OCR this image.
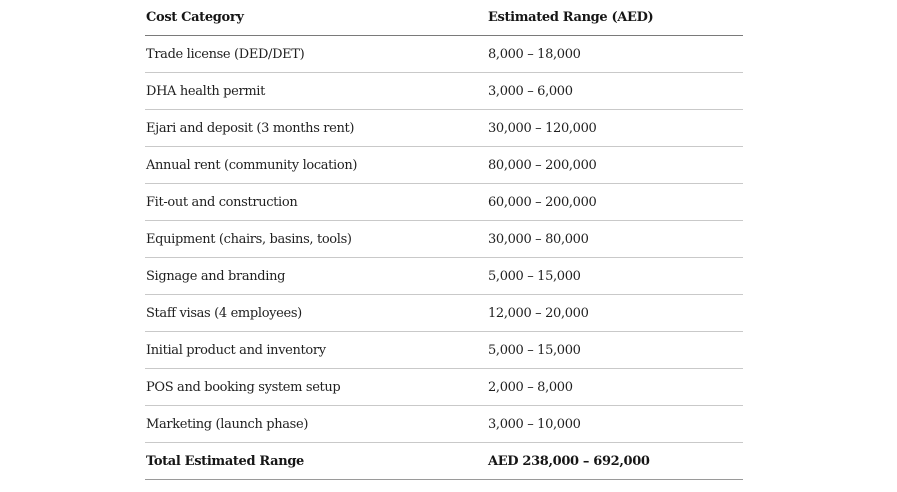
Cost Category	Estimated Range (AED)
Trade license (DED/DET)	8,000 – 18,000
DHA health permit	3,000 – 6,000
Ejari and deposit (3 months rent)	30,000 – 120,000
Annual rent (community location)	80,000 – 200,000
Fit-out and construction	60,000 – 200,000
Equipment (chairs, basins, tools)	30,000 – 80,000
Signage and branding	5,000 – 15,000
Staff visas (4 employees)	12,000 – 20,000
Initial product and inventory	5,000 – 15,000
POS and booking system setup	2,000 – 8,000
Marketing (launch phase)	3,000 – 10,000
Total Estimated Range	AED 238,000 – 692,000
